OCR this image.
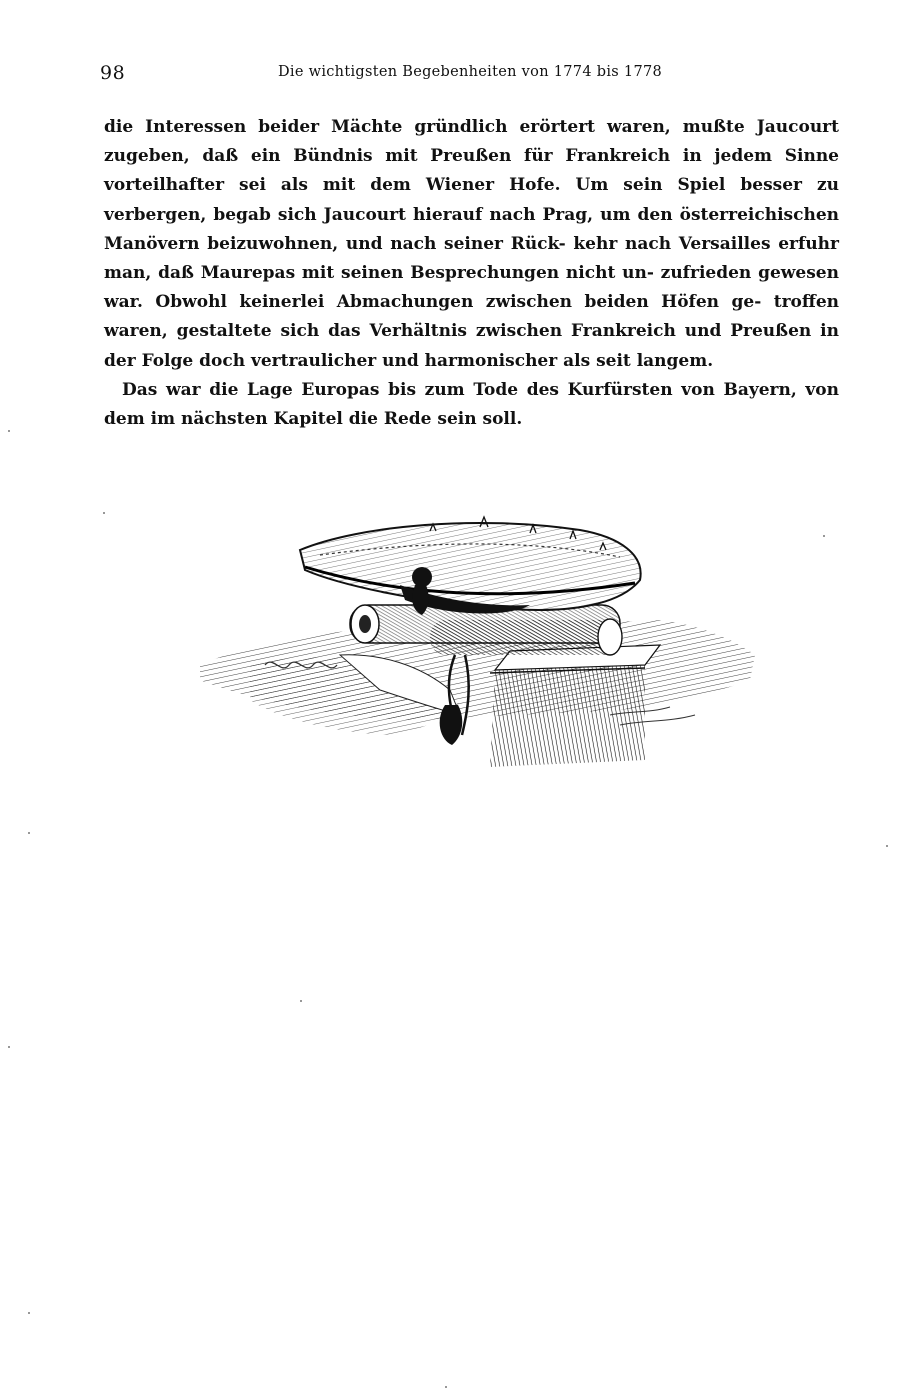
98	Die wichtigsten Begebenheiten von 1774 bis 1778

die Interessen beider Mächte gründlich erörtert waren, mußte Jaucourt zugeben, daß ein Bündnis mit Preußen für Frankreich in jedem Sinne vorteilhafter sei als mit dem Wiener Hofe. Um sein Spiel besser zu verbergen, begab sich Jaucourt hierauf nach Prag, um den österreichischen Manövern beizuwohnen, und nach seiner Rück- kehr nach Versailles erfuhr man, daß Maurepas mit seinen Besprechungen nicht un- zufrieden gewesen war. Obwohl keinerlei Abmachungen zwischen beiden Höfen ge- troffen waren, gestaltete sich das Verhältnis zwischen Frankreich und Preußen in der Folge doch vertraulicher und harmonischer als seit langem.

Das war die Lage Europas bis zum Tode des Kurfürsten von Bayern, von dem im nächsten Kapitel die Rede sein soll.
